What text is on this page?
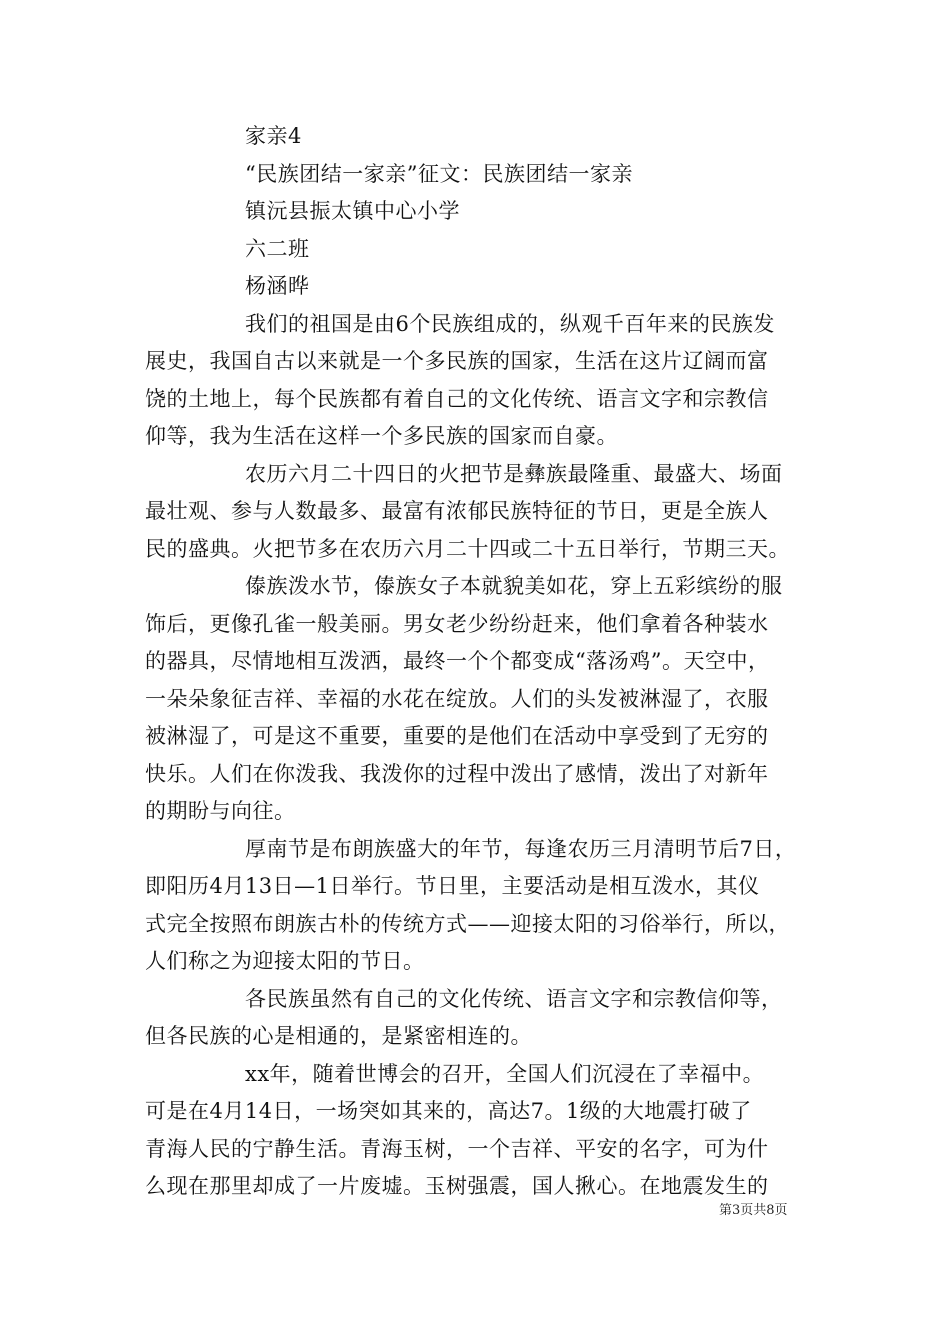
家亲4
“民族团结一家亲”征文：民族团结一家亲
镇沅县振太镇中心小学
六二班
杨涵晔
我们的祖国是由6个民族组成的，纵观千百年来的民族发
展史，我国自古以来就是一个多民族的国家，生活在这片辽阔而富
饶的土地上，每个民族都有着自己的文化传统、语言文字和宗教信
仰等，我为生活在这样一个多民族的国家而自豪。
农历六月二十四日的火把节是彝族最隆重、最盛大、场面
最壮观、参与人数最多、最富有浓郁民族特征的节日，更是全族人
民的盛典。火把节多在农历六月二十四或二十五日举行，节期三天。
傣族泼水节，傣族女子本就貌美如花，穿上五彩缤纷的服
饰后，更像孔雀一般美丽。男女老少纷纷赶来，他们拿着各种装水
的器具，尽情地相互泼洒，最终一个个都变成“落汤鸡”。天空中，
一朵朵象征吉祥、幸福的水花在绽放。人们的头发被淋湿了，衣服
被淋湿了，可是这不重要，重要的是他们在活动中享受到了无穷的
快乐。人们在你泼我、我泼你的过程中泼出了感情，泼出了对新年
的期盼与向往。
厚南节是布朗族盛大的年节，每逢农历三月清明节后7日，
即阳历4月13日—1日举行。节日里，主要活动是相互泼水，其仪
式完全按照布朗族古朴的传统方式——迎接太阳的习俗举行，所以，
人们称之为迎接太阳的节日。
各民族虽然有自己的文化传统、语言文字和宗教信仰等，
但各民族的心是相通的，是紧密相连的。
xx年，随着世博会的召开，全国人们沉浸在了幸福中。
可是在4月14日，一场突如其来的，高达7。1级的大地震打破了
青海人民的宁静生活。青海玉树，一个吉祥、平安的名字，可为什
么现在那里却成了一片废墟。玉树强震，国人揪心。在地震发生的
第3页共8页
